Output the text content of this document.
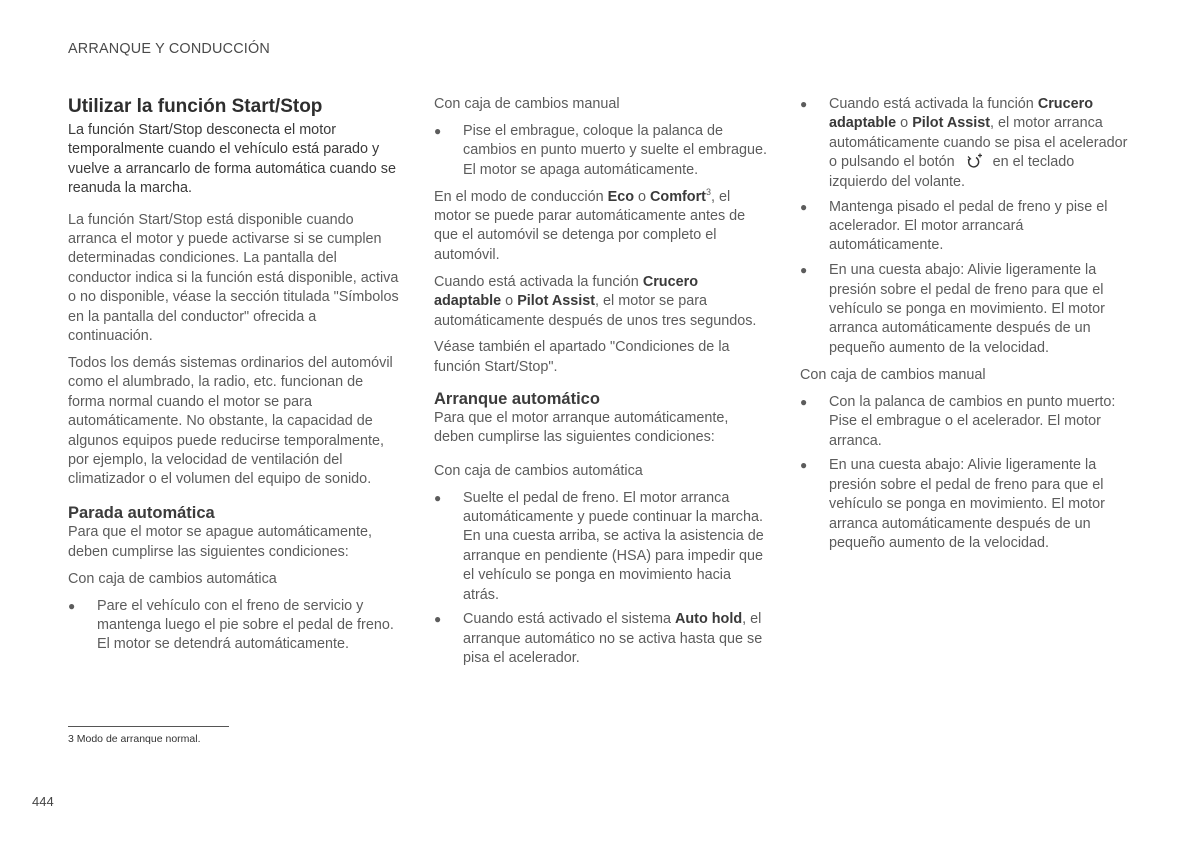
ARRANQUE Y CONDUCCIÓN
Utilizar la función Start/Stop

La función Start/Stop desconecta el motor temporalmente cuando el vehículo está parado y vuelve a arrancarlo de forma automática cuando se reanuda la marcha.

La función Start/Stop está disponible cuando arranca el motor y puede activarse si se cumplen determinadas condiciones. La pantalla del conductor indica si la función está disponible, activa o no disponible, véase la sección titulada "Símbolos en la pantalla del conductor" ofrecida a continuación.

Todos los demás sistemas ordinarios del automóvil como el alumbrado, la radio, etc. funcionan de forma normal cuando el motor se para automáticamente. No obstante, la capacidad de algunos equipos puede reducirse temporalmente, por ejemplo, la velocidad de ventilación del climatizador o el volumen del equipo de sonido.

Parada automática

Para que el motor se apague automáticamente, deben cumplirse las siguientes condiciones:

Con caja de cambios automática

● Pare el vehículo con el freno de servicio y mantenga luego el pie sobre el pedal de freno. El motor se detendrá automáticamente.

Con caja de cambios manual

● Pise el embrague, coloque la palanca de cambios en punto muerto y suelte el embrague. El motor se apaga automáticamente.

En el modo de conducción Eco o Comfort$^3$, el motor se puede parar automáticamente antes de que el automóvil se detenga por completo el automóvil.

Cuando está activada la función Crucero adaptable o Pilot Assist, el motor se para automáticamente después de unos tres segundos.

Véase también el apartado "Condiciones de la función Start/Stop".

Arranque automático

Para que el motor arranque automáticamente, deben cumplirse las siguientes condiciones:

Con caja de cambios automática

● Suelte el pedal de freno. El motor arranca automáticamente y puede continuar la marcha. En una cuesta arriba, se activa la asistencia de arranque en pendiente (HSA) para impedir que el vehículo se ponga en movimiento hacia atrás.
● Cuando está activado el sistema Auto hold, el arranque automático no se activa hasta que se pisa el acelerador.
● Cuando está activada la función Crucero adaptable o Pilot Assist, el motor arranca automáticamente cuando se pisa el acelerador o pulsando el botón	en el teclado izquierdo del volante.
● Mantenga pisado el pedal de freno y pise el acelerador. El motor arrancará automáticamente.
● En una cuesta abajo: Alivie ligeramente la presión sobre el pedal de freno para que el vehículo se ponga en movimiento. El motor arranca automáticamente después de un pequeño aumento de la velocidad.

Con caja de cambios manual

● Con la palanca de cambios en punto muerto: Pise el embrague o el acelerador. El motor arranca.
● En una cuesta abajo: Alivie ligeramente la presión sobre el pedal de freno para que el vehículo se ponga en movimiento. El motor arranca automáticamente después de un pequeño aumento de la velocidad.
3 Modo de arranque normal.
444
